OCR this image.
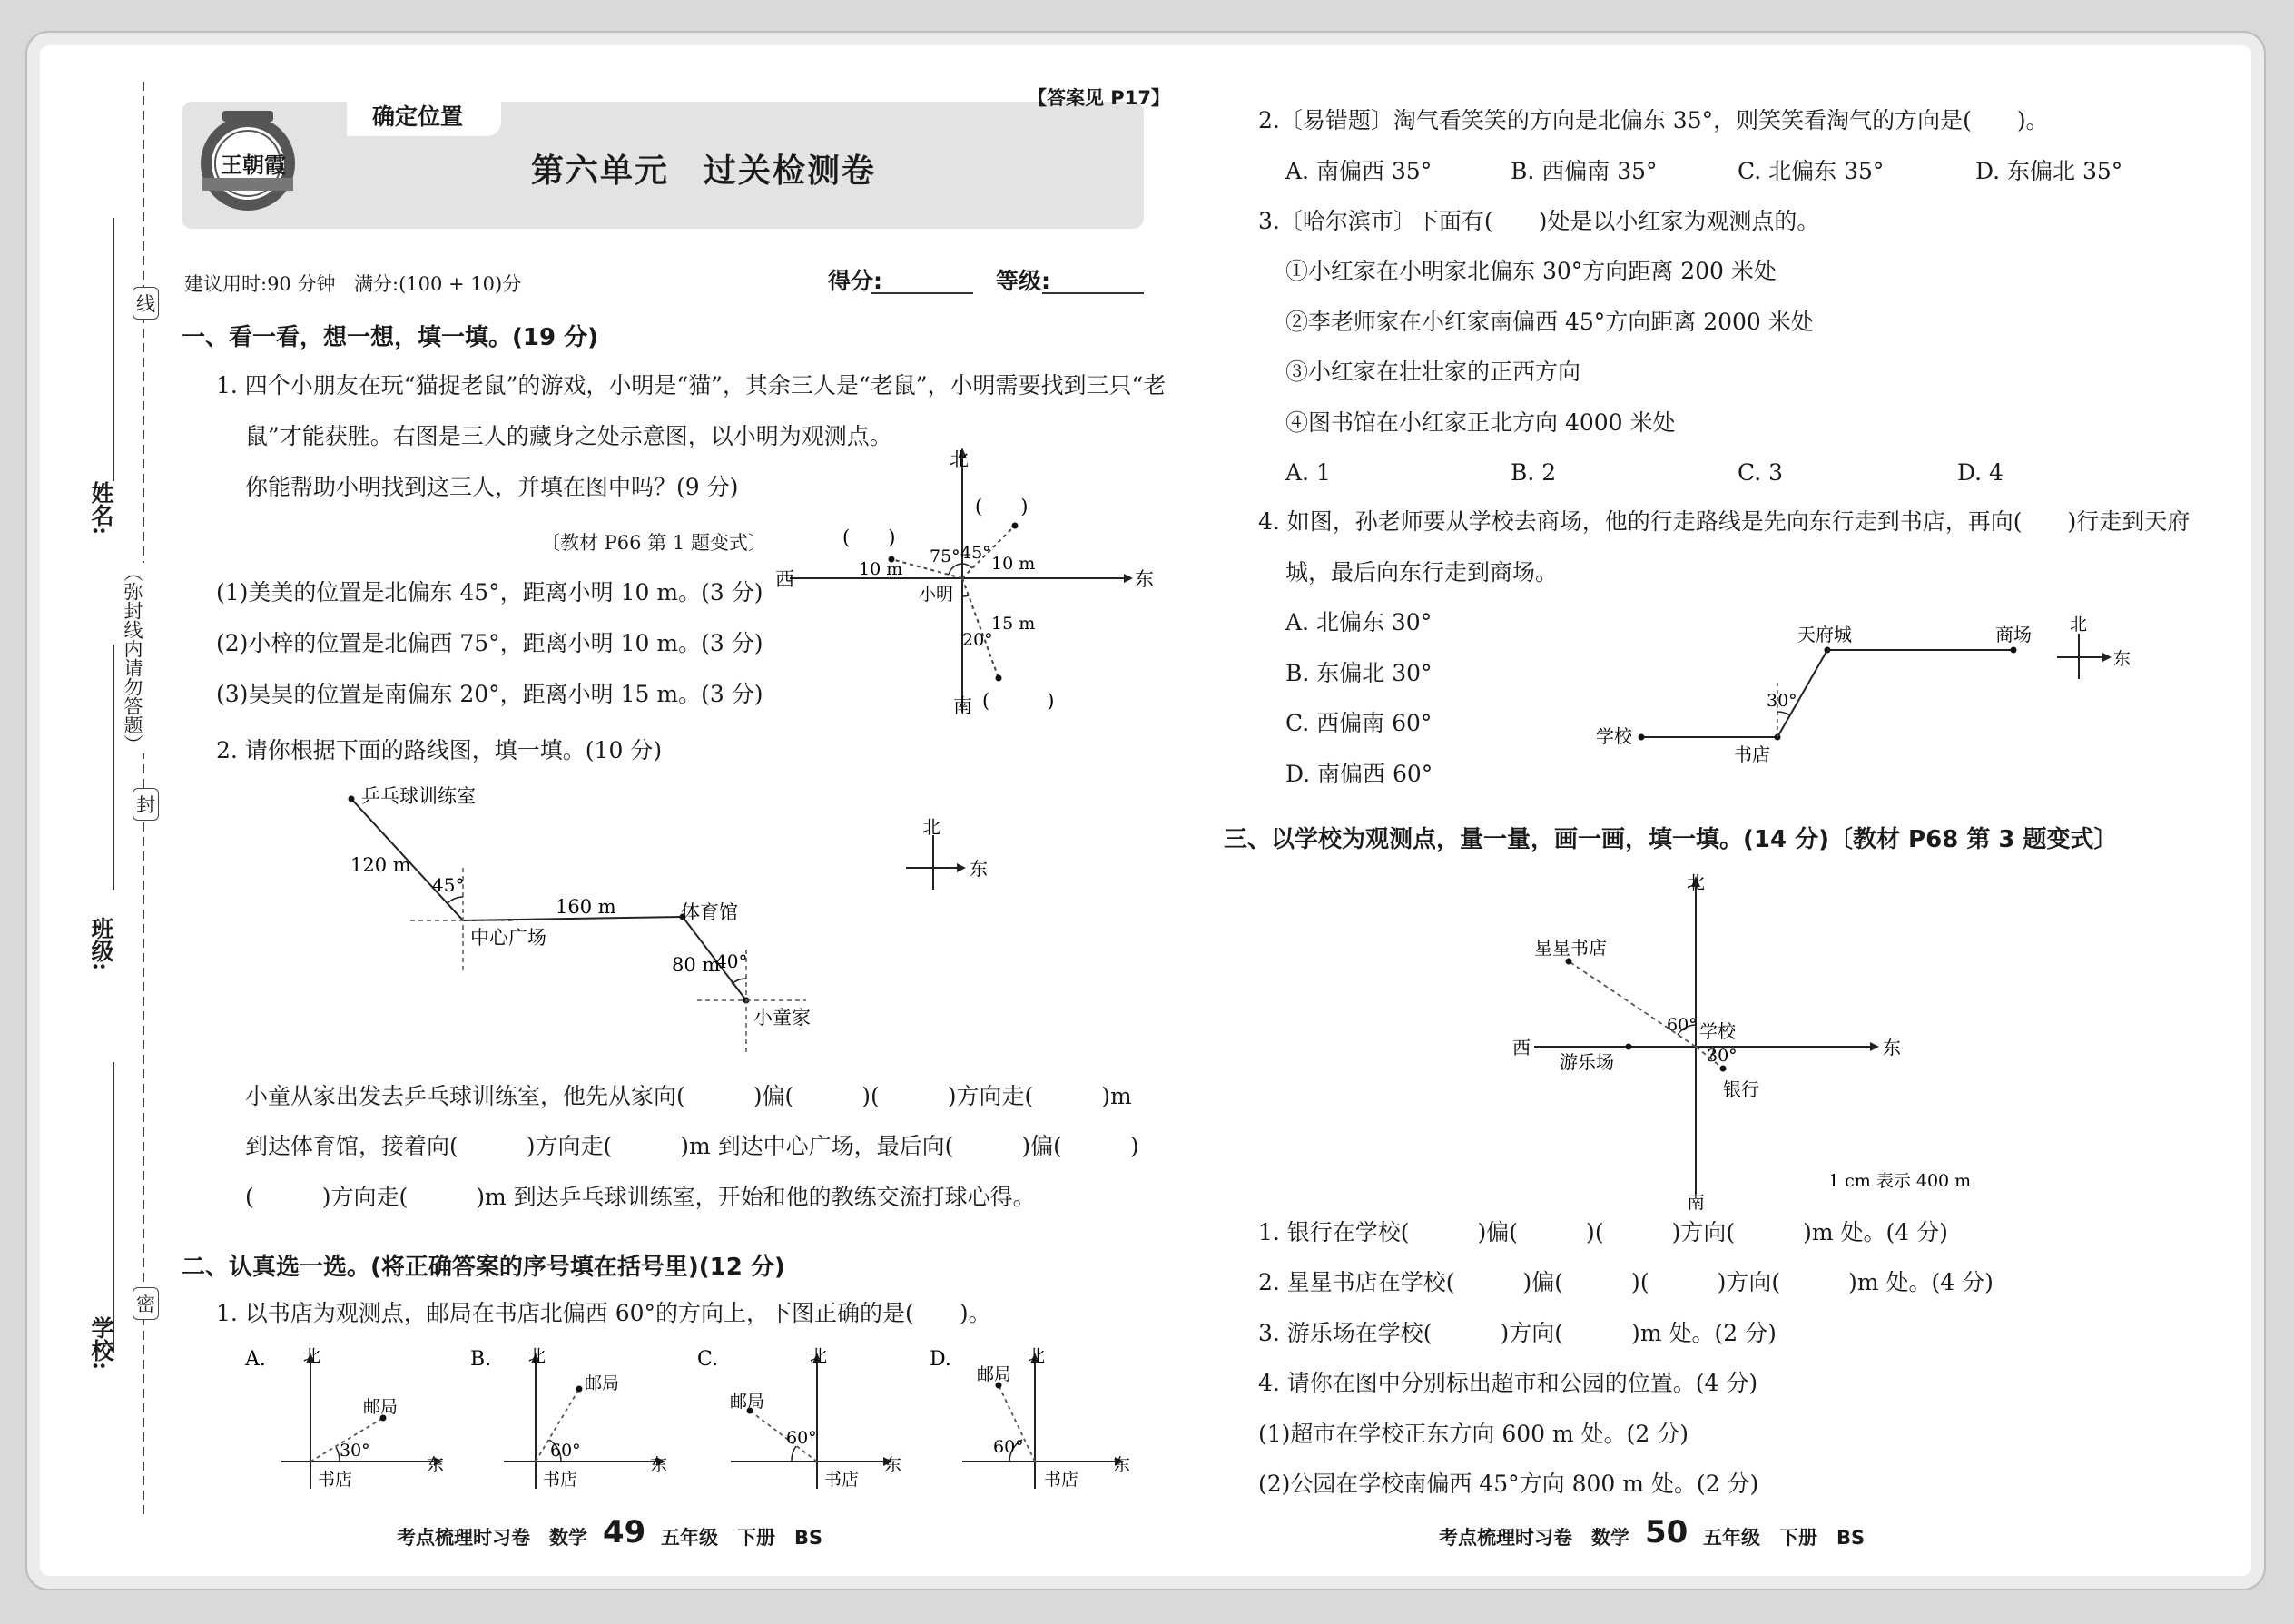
姓名:
班级:
学校:
线
封
密
（弥封线内请勿答题）
确定位置
【答案见 P17】
第六单元　过关检测卷
王朝霞
建议用时:90 分钟 满分:(100 + 10)分	得分:	等级:
一、看一看，想一想，填一填。(19 分)
1. 四个小朋友在玩“猫捉老鼠”的游戏，小明是“猫”，其余三人是“老鼠”，小明需要找到三只“老
鼠”才能获胜。右图是三人的藏身之处示意图，以小明为观测点。
你能帮助小明找到这三人，并填在图中吗？(9 分)
〔教材 P66 第 1 题变式〕
(1)美美的位置是北偏东 45°，距离小明 10 m。(3 分)
(2)小梓的位置是北偏西 75°，距离小明 10 m。(3 分)
(3)昊昊的位置是南偏东 20°，距离小明 15 m。(3 分)
北
东
西
南
小明
75° 45°
20°
10 m	10 m
15 m
(　　)
(　　)
(　　　)
2. 请你根据下面的路线图，填一填。(10 分)
乒乓球训练室
中心广场
体育馆
小童家
120 m
160 m
80 m
45°
40°
北
东
小童从家出发去乒乓球训练室，他先从家向(　　　)偏(　　　)(　　　)方向走(　　　)m
到达体育馆，接着向(　　　)方向走(　　　)m 到达中心广场，最后向(　　　)偏(　　　)
(　　　)方向走(　　　)m 到达乒乓球训练室，开始和他的教练交流打球心得。
二、认真选一选。(将正确答案的序号填在括号里)(12 分)
1. 以书店为观测点，邮局在书店北偏西 60°的方向上，下图正确的是(　　)。
A.	B.	C.	D.
北	北	北	北
东	东	东	东
邮局
邮局
邮局
邮局
书店	书店	书店	书店
30°	60°
60°	60°
考点梳理时习卷　数学 49 五年级　下册　BS
2.〔易错题〕淘气看笑笑的方向是北偏东 35°，则笑笑看淘气的方向是(　　)。
A. 南偏西 35°	B. 西偏南 35°	C. 北偏东 35°	D. 东偏北 35°
3.〔哈尔滨市〕下面有(　　)处是以小红家为观测点的。
①小红家在小明家北偏东 30°方向距离 200 米处
②李老师家在小红家南偏西 45°方向距离 2000 米处
③小红家在壮壮家的正西方向
④图书馆在小红家正北方向 4000 米处
A. 1	B. 2	C. 3	D. 4
4. 如图，孙老师要从学校去商场，他的行走路线是先向东行走到书店，再向(　　)行走到天府
城，最后向东行走到商场。
A. 北偏东 30°
B. 东偏北 30°
C. 西偏南 60°
D. 南偏西 60°
学校
书店
天府城	商场
30°
北
东
三、以学校为观测点，量一量，画一画，填一填。(14 分)〔教材 P68 第 3 题变式〕
北
南
东
西
学校
星星书店
游乐场
银行
60°
30°
1 cm 表示 400 m
1. 银行在学校(　　　)偏(　　　)(　　　)方向(　　　)m 处。(4 分)
2. 星星书店在学校(　　　)偏(　　　)(　　　)方向(　　　)m 处。(4 分)
3. 游乐场在学校(　　　)方向(　　　)m 处。(2 分)
4. 请你在图中分别标出超市和公园的位置。(4 分)
(1)超市在学校正东方向 600 m 处。(2 分)
(2)公园在学校南偏西 45°方向 800 m 处。(2 分)
考点梳理时习卷　数学 50 五年级　下册　BS
